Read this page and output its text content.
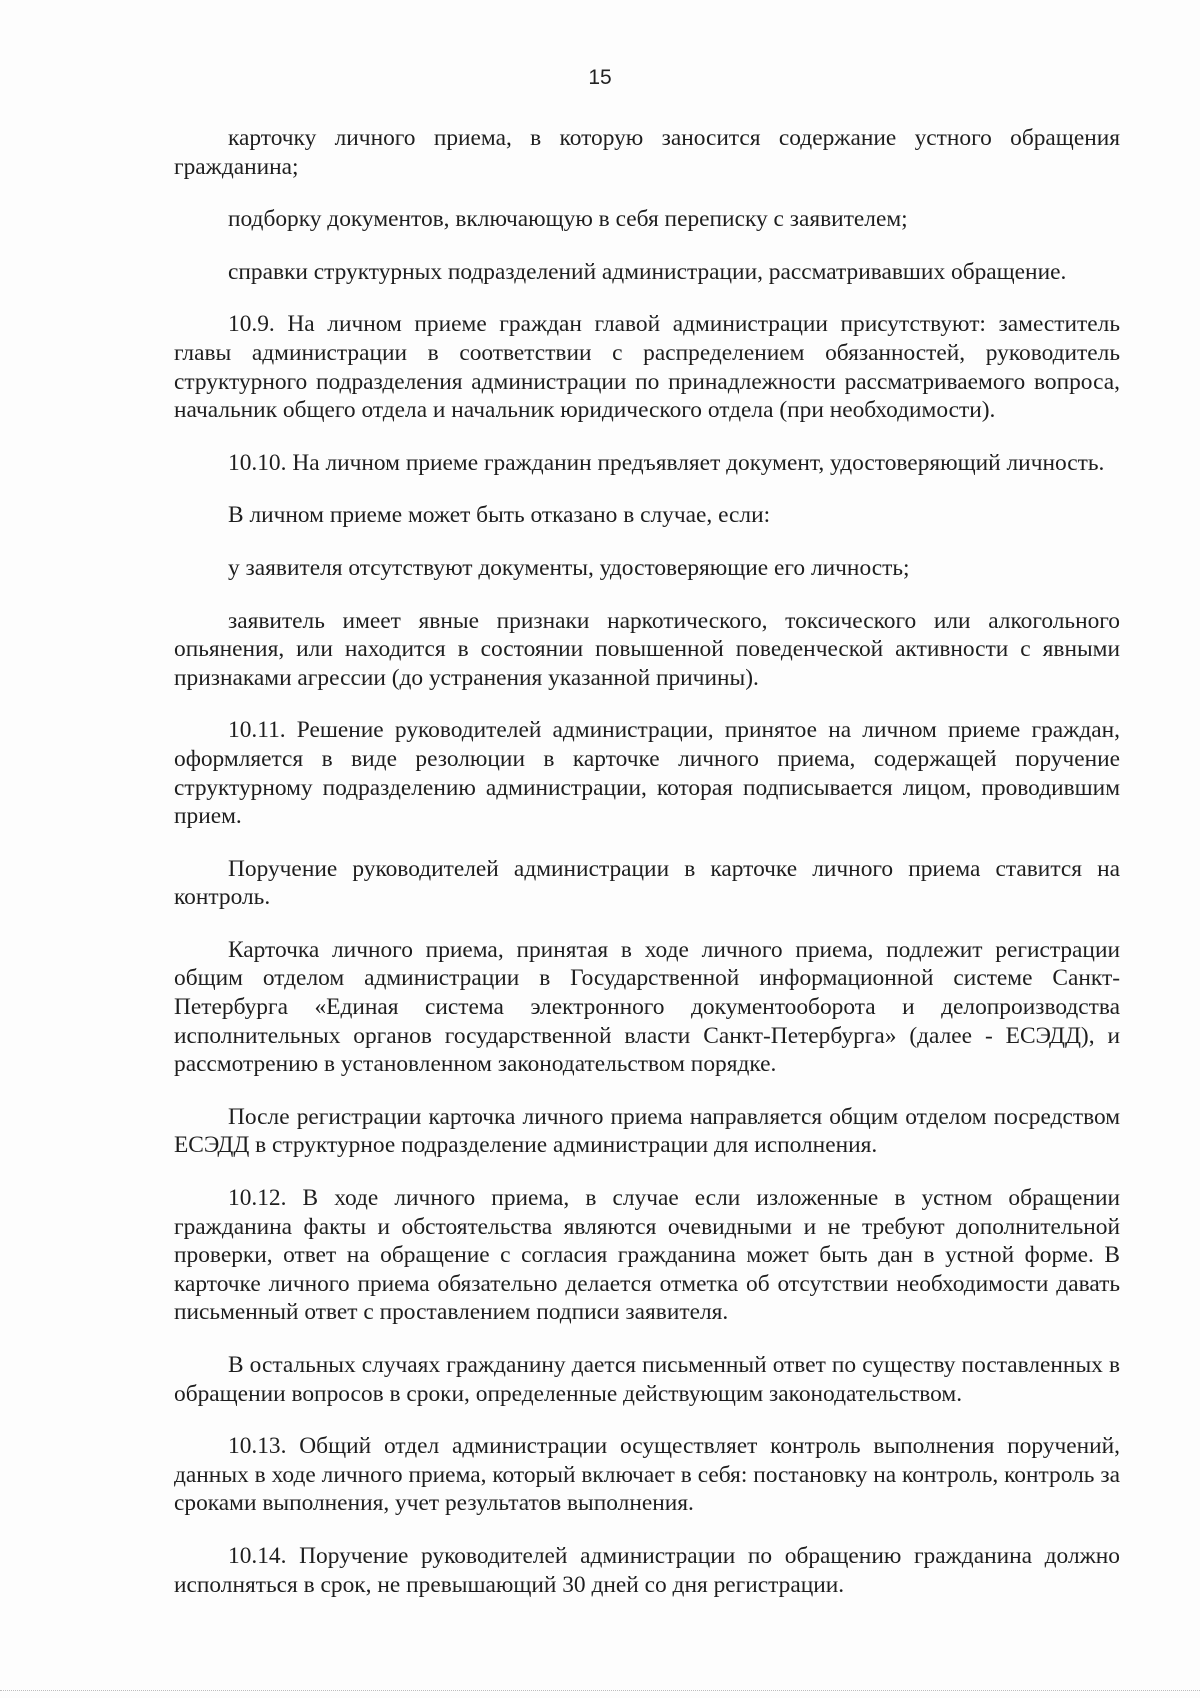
15

карточку личного приема, в которую заносится содержание устного обращения гражданина;

подборку документов, включающую в себя переписку с заявителем;

справки структурных подразделений администрации, рассматривавших обращение.

10.9. На личном приеме граждан главой администрации присутствуют: заместитель главы администрации в соответствии с распределением обязанностей, руководитель структурного подразделения администрации по принадлежности рассматриваемого вопроса, начальник общего отдела и начальник юридического отдела (при необходимости).

10.10. На личном приеме гражданин предъявляет документ, удостоверяющий личность.

В личном приеме может быть отказано в случае, если:

у заявителя отсутствуют документы, удостоверяющие его личность;

заявитель имеет явные признаки наркотического, токсического или алкогольного опьянения, или находится в состоянии повышенной поведенческой активности с явными признаками агрессии (до устранения указанной причины).

10.11. Решение руководителей администрации, принятое на личном приеме граждан, оформляется в виде резолюции в карточке личного приема, содержащей поручение структурному подразделению администрации, которая подписывается лицом, проводившим прием.

Поручение руководителей администрации в карточке личного приема ставится на контроль.

Карточка личного приема, принятая в ходе личного приема, подлежит регистрации общим отделом администрации в Государственной информационной системе Санкт-Петербурга «Единая система электронного документооборота и делопроизводства исполнительных органов государственной власти Санкт-Петербурга» (далее - ЕСЭДД), и рассмотрению в установленном законодательством порядке.

После регистрации карточка личного приема направляется общим отделом посредством ЕСЭДД в структурное подразделение администрации для исполнения.

10.12. В ходе личного приема, в случае если изложенные в устном обращении гражданина факты и обстоятельства являются очевидными и не требуют дополнительной проверки, ответ на обращение с согласия гражданина может быть дан в устной форме. В карточке личного приема обязательно делается отметка об отсутствии необходимости давать письменный ответ с проставлением подписи заявителя.

В остальных случаях гражданину дается письменный ответ по существу поставленных в обращении вопросов в сроки, определенные действующим законодательством.

10.13. Общий отдел администрации осуществляет контроль выполнения поручений, данных в ходе личного приема, который включает в себя: постановку на контроль, контроль за сроками выполнения, учет результатов выполнения.

10.14. Поручение руководителей администрации по обращению гражданина должно исполняться в срок, не превышающий 30 дней со дня регистрации.
